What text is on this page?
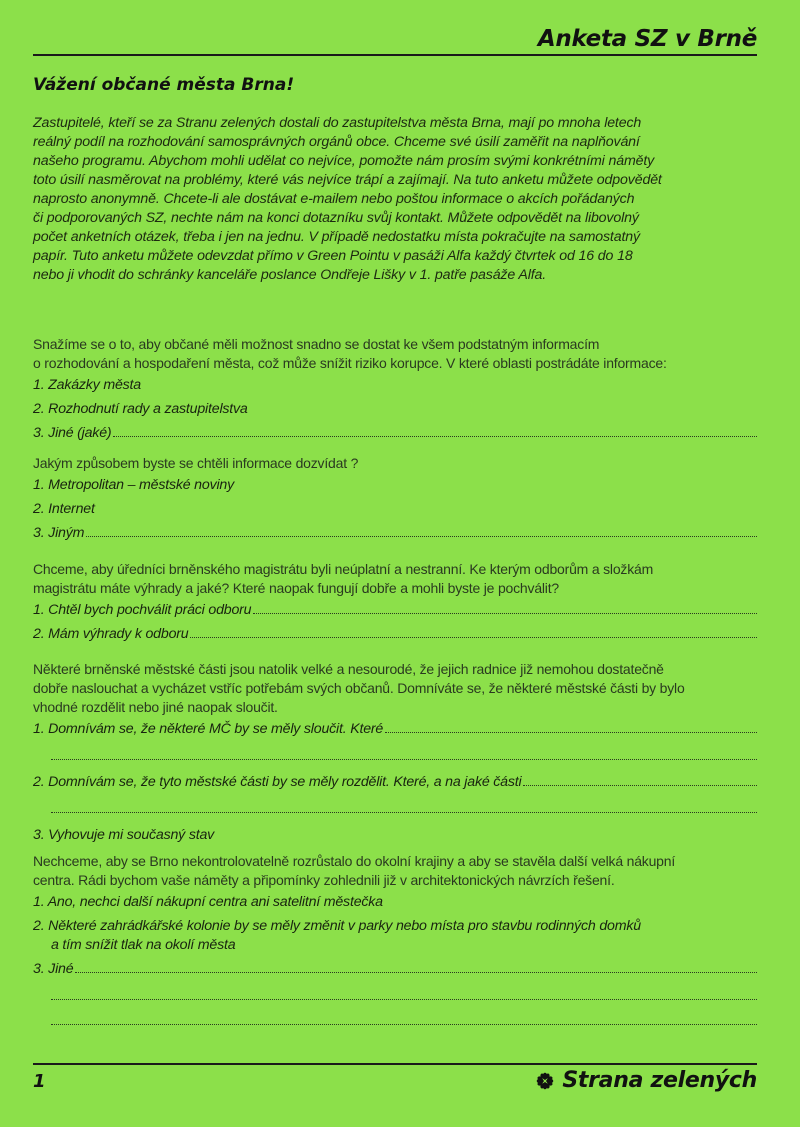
Anketa SZ v Brně
Vážení občané města Brna!

Zastupitelé, kteří se za Stranu zelených dostali do zastupitelstva města Brna, mají po mnoha letech

reálný podíl na rozhodování samosprávných orgánů obce. Chceme své úsilí zaměřit na naplňování

našeho programu. Abychom mohli udělat co nejvíce, pomožte nám prosím svými konkrétními náměty

toto úsilí nasměrovat na problémy, které vás nejvíce trápí a zajímají. Na tuto anketu můžete odpovědět

naprosto anonymně. Chcete-li ale dostávat e-mailem nebo poštou informace o akcích pořádaných

či podporovaných SZ, nechte nám na konci dotazníku svůj kontakt. Můžete odpovědět na libovolný

počet anketních otázek, třeba i jen na jednu. V případě nedostatku místa pokračujte na samostatný

papír. Tuto anketu můžete odevzdat přímo v Green Pointu v pasáži Alfa každý čtvrtek od 16 do 18

nebo ji vhodit do schránky kanceláře poslance Ondřeje Lišky v 1. patře pasáže Alfa.

Snažíme se o to, aby občané měli možnost snadno se dostat ke všem podstatným informacím

o rozhodování a hospodaření města, což může snížit riziko korupce. V které oblasti postrádáte informace:

1. Zakázky města
2. Rozhodnutí rady a zastupitelstva
3. Jiné (jaké)

Jakým způsobem byste se chtěli informace dozvídat ?

1. Metropolitan – městské noviny
2. Internet
3. Jiným

Chceme, aby úředníci brněnského magistrátu byli neúplatní a nestranní. Ke kterým odborům a složkám

magistrátu máte výhrady a jaké? Které naopak fungují dobře a mohli byste je pochválit?

1. Chtěl bych pochválit práci odboru
2. Mám výhrady k odboru

Některé brněnské městské části jsou natolik velké a nesourodé, že jejich radnice již nemohou dostatečně

dobře naslouchat a vycházet vstříc potřebám svých občanů. Domníváte se, že některé městské části by bylo

vhodné rozdělit nebo jiné naopak sloučit.

1. Domnívám se, že některé MČ by se měly sloučit. Které
2. Domnívám se, že tyto městské části by se měly rozdělit. Které, a na jaké části
3. Vyhovuje mi současný stav

Nechceme, aby se Brno nekontrolovatelně rozrůstalo do okolní krajiny a aby se stavěla další velká nákupní

centra. Rádi bychom vaše náměty a připomínky zohlednili již v architektonických návrzích řešení.

1. Ano, nechci další nákupní centra ani satelitní městečka
2. Některé zahrádkářské kolonie by se měly změnit v parky nebo místa pro stavbu rodinných domků
a tím snížit tlak na okolí města
3. Jiné
1	Strana zelených
